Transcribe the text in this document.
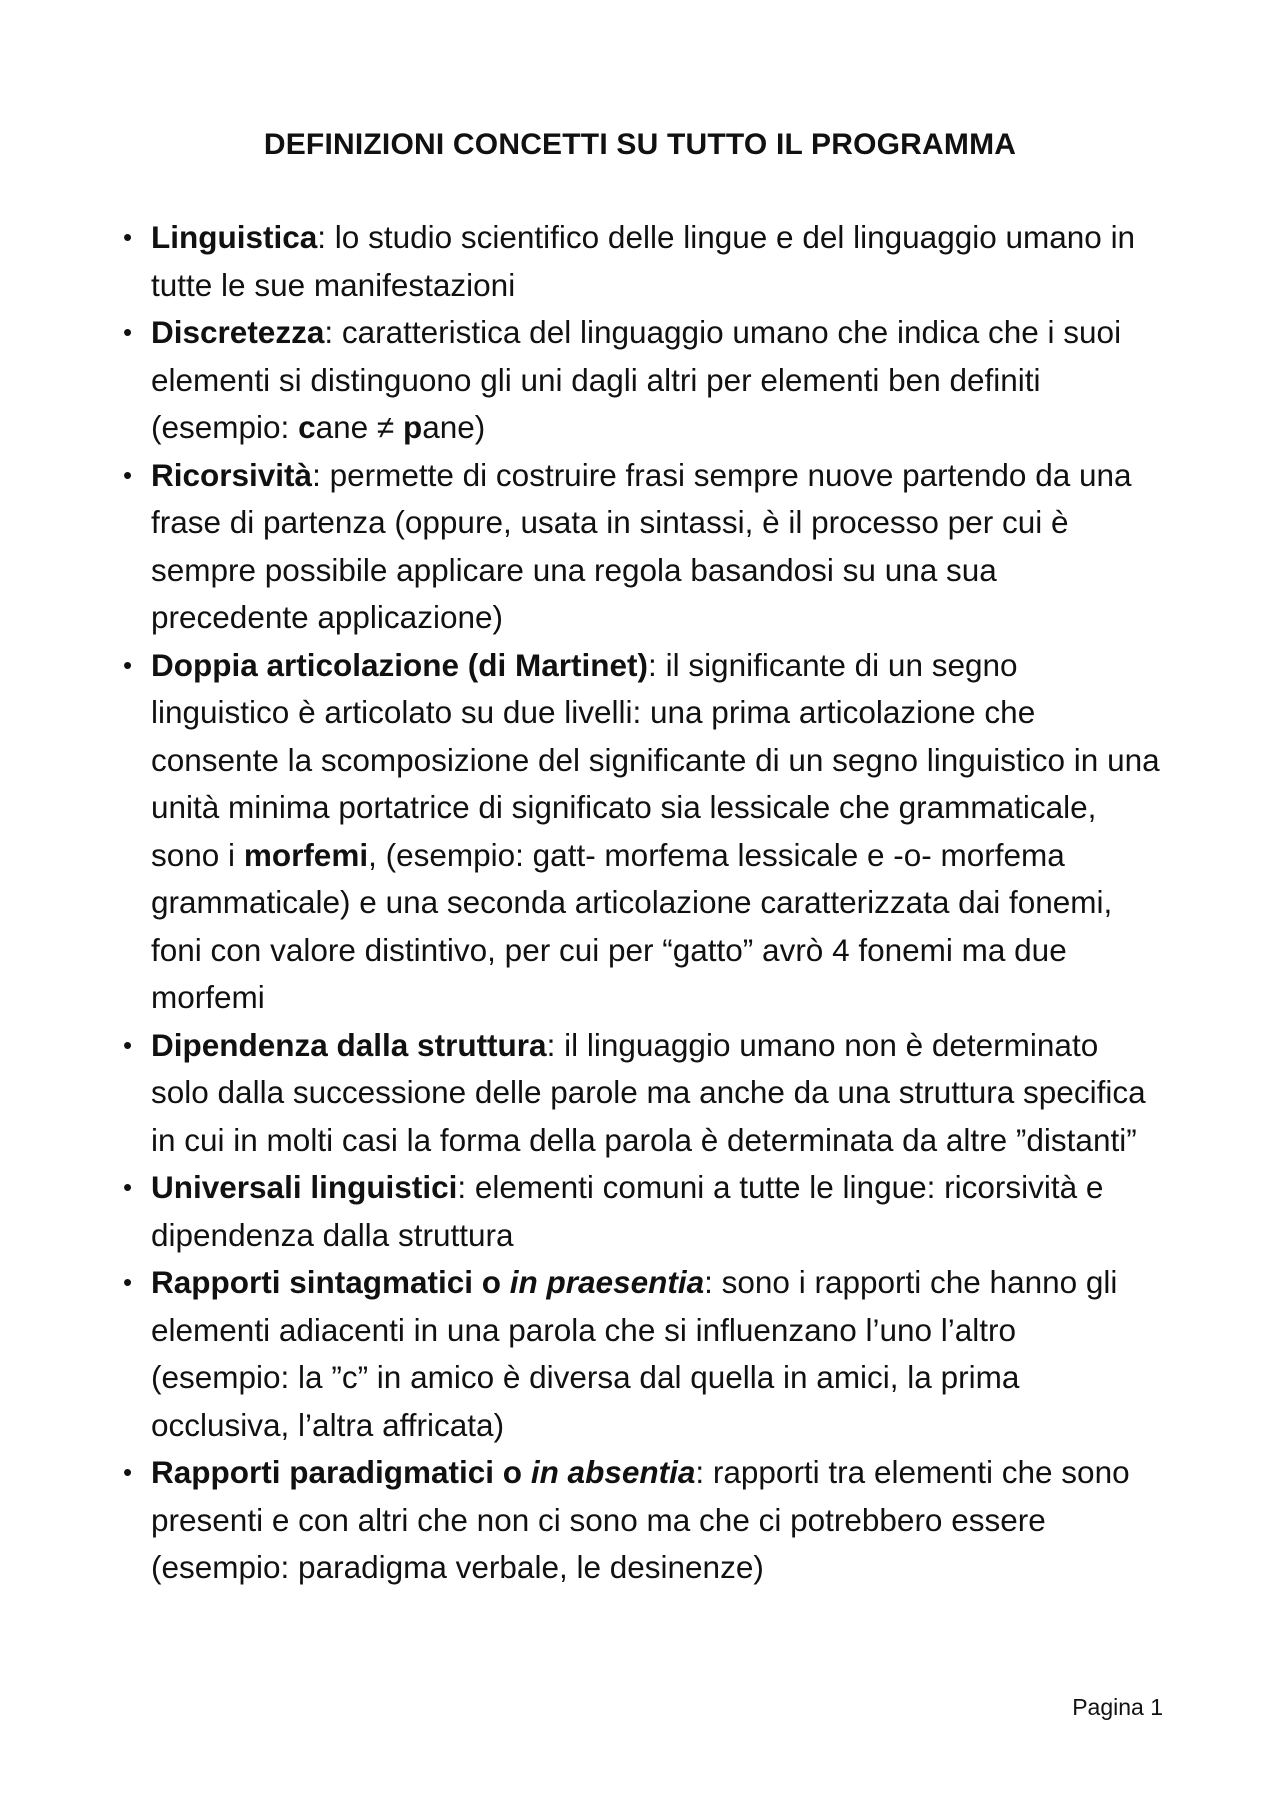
DEFINIZIONI CONCETTI SU TUTTO IL PROGRAMMA
• Linguistica: lo studio scientifico delle lingue e del linguaggio umano in tutte le sue manifestazioni
• Discretezza: caratteristica del linguaggio umano che indica che i suoi elementi si distinguono gli uni dagli altri per elementi ben definiti (esempio: cane ≠ pane)
• Ricorsività: permette di costruire frasi sempre nuove partendo da una frase di partenza (oppure, usata in sintassi, è il processo per cui è sempre possibile applicare una regola basandosi su una sua precedente applicazione)
• Doppia articolazione (di Martinet): il significante di un segno linguistico è articolato su due livelli: una prima articolazione che consente la scomposizione del significante di un segno linguistico in una unità minima portatrice di significato sia lessicale che grammaticale, sono i morfemi, (esempio: gatt- morfema lessicale e -o- morfema grammaticale) e una seconda articolazione caratterizzata dai fonemi, foni con valore distintivo, per cui per “gatto” avrò 4 fonemi ma due morfemi
• Dipendenza dalla struttura: il linguaggio umano non è determinato solo dalla successione delle parole ma anche da una struttura specifica in cui in molti casi la forma della parola è determinata da altre ”distanti”
• Universali linguistici: elementi comuni a tutte le lingue: ricorsività e dipendenza dalla struttura
• Rapporti sintagmatici o in praesentia: sono i rapporti che hanno gli elementi adiacenti in una parola che si influenzano l’uno l’altro (esempio: la ”c” in amico è diversa dal quella in amici, la prima occlusiva, l’altra affricata)
• Rapporti paradigmatici o in absentia: rapporti tra elementi che sono presenti e con altri che non ci sono ma che ci potrebbero essere (esempio: paradigma verbale, le desinenze)

Pagina 1
